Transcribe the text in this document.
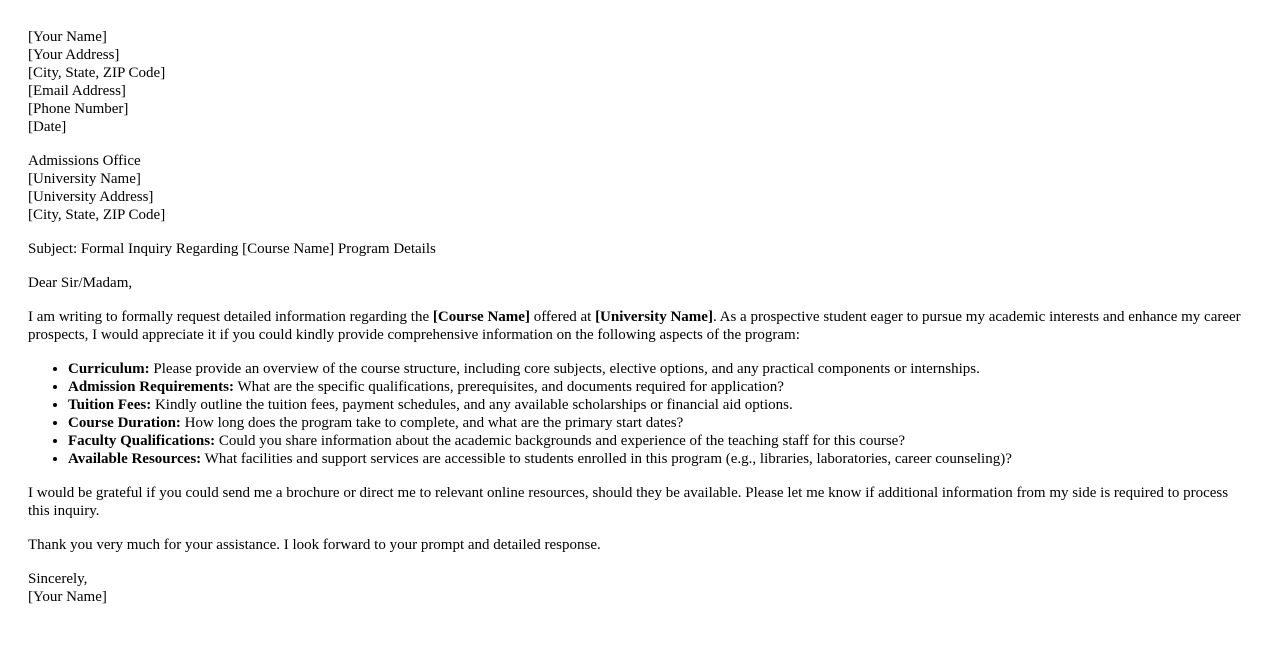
[Your Name]
[Your Address]
[City, State, ZIP Code]
[Email Address]
[Phone Number]
[Date]
Admissions Office
[University Name]
[University Address]
[City, State, ZIP Code]

Subject: Formal Inquiry Regarding [Course Name] Program Details

Dear Sir/Madam,

I am writing to formally request detailed information regarding the [Course Name] offered at [University Name]. As a prospective student eager to pursue my academic interests and enhance my career prospects, I would appreciate it if you could kindly provide comprehensive information on the following aspects of the program:

• Curriculum: Please provide an overview of the course structure, including core subjects, elective options, and any practical components or internships.
• Admission Requirements: What are the specific qualifications, prerequisites, and documents required for application?
• Tuition Fees: Kindly outline the tuition fees, payment schedules, and any available scholarships or financial aid options.
• Course Duration: How long does the program take to complete, and what are the primary start dates?
• Faculty Qualifications: Could you share information about the academic backgrounds and experience of the teaching staff for this course?
• Available Resources: What facilities and support services are accessible to students enrolled in this program (e.g., libraries, laboratories, career counseling)?

I would be grateful if you could send me a brochure or direct me to relevant online resources, should they be available. Please let me know if additional information from my side is required to process this inquiry.

Thank you very much for your assistance. I look forward to your prompt and detailed response.

Sincerely,
[Your Name]
